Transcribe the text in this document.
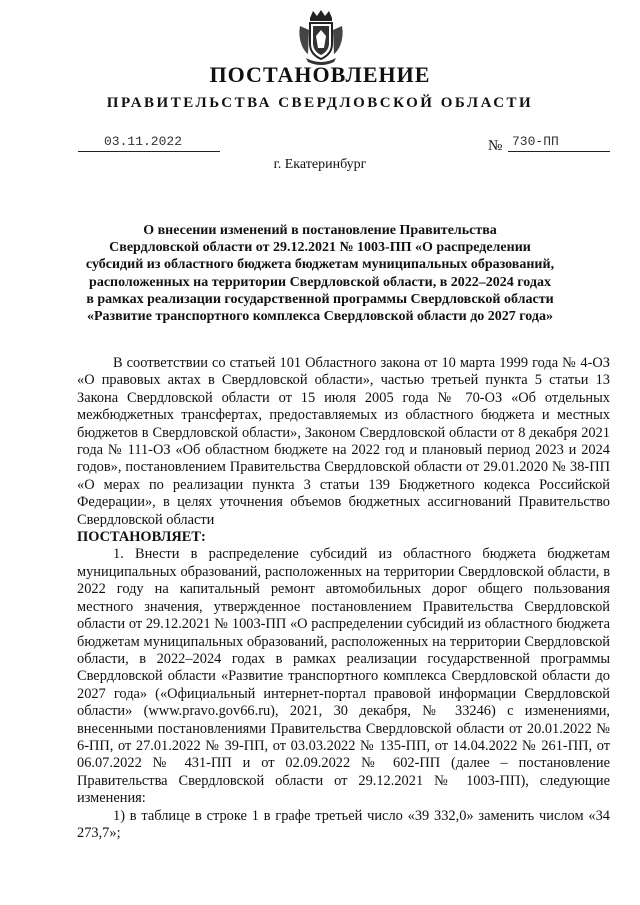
ПОСТАНОВЛЕНИЕ
ПРАВИТЕЛЬСТВА СВЕРДЛОВСКОЙ ОБЛАСТИ
03.11.2022	№ 730-ПП
г. Екатеринбург
О внесении изменений в постановление Правительства
Свердловской области от 29.12.2021 № 1003-ПП «О распределении
субсидий из областного бюджета бюджетам муниципальных образований,
расположенных на территории Свердловской области, в 2022–2024 годах
в рамках реализации государственной программы Свердловской области
«Развитие транспортного комплекса Свердловской области до 2027 года»

В соответствии со статьей 101 Областного закона от 10 марта 1999 года № 4-ОЗ «О правовых актах в Свердловской области», частью третьей пункта 5 статьи 13 Закона Свердловской области от 15 июля 2005 года № 70-ОЗ «Об отдельных межбюджетных трансфертах, предоставляемых из областного бюджета и местных бюджетов в Свердловской области», Законом Свердловской области от 8 декабря 2021 года № 111-ОЗ «Об областном бюджете на 2022 год и плановый период 2023 и 2024 годов», постановлением Правительства Свердловской области от 29.01.2020 № 38-ПП «О мерах по реализации пункта 3 статьи 139 Бюджетного кодекса Российской Федерации», в целях уточнения объемов бюджетных ассигнований Правительство Свердловской области

ПОСТАНОВЛЯЕТ:

1. Внести в распределение субсидий из областного бюджета бюджетам муниципальных образований, расположенных на территории Свердловской области, в 2022 году на капитальный ремонт автомобильных дорог общего пользования местного значения, утвержденное постановлением Правительства Свердловской области от 29.12.2021 № 1003-ПП «О распределении субсидий из областного бюджета бюджетам муниципальных образований, расположенных на территории Свердловской области, в 2022–2024 годах в рамках реализации государственной программы Свердловской области «Развитие транспортного комплекса Свердловской области до 2027 года» («Официальный интернет-портал правовой информации Свердловской области» (www.pravo.gov66.ru), 2021, 30 декабря, № 33246) с изменениями, внесенными постановлениями Правительства Свердловской области от 20.01.2022 № 6-ПП, от 27.01.2022 № 39-ПП, от 03.03.2022 № 135-ПП, от 14.04.2022 № 261-ПП, от 06.07.2022 № 431-ПП и от 02.09.2022 № 602-ПП (далее – постановление Правительства Свердловской области от 29.12.2021 № 1003-ПП), следующие изменения:

1) в таблице в строке 1 в графе третьей число «39 332,0» заменить числом «34 273,7»;
